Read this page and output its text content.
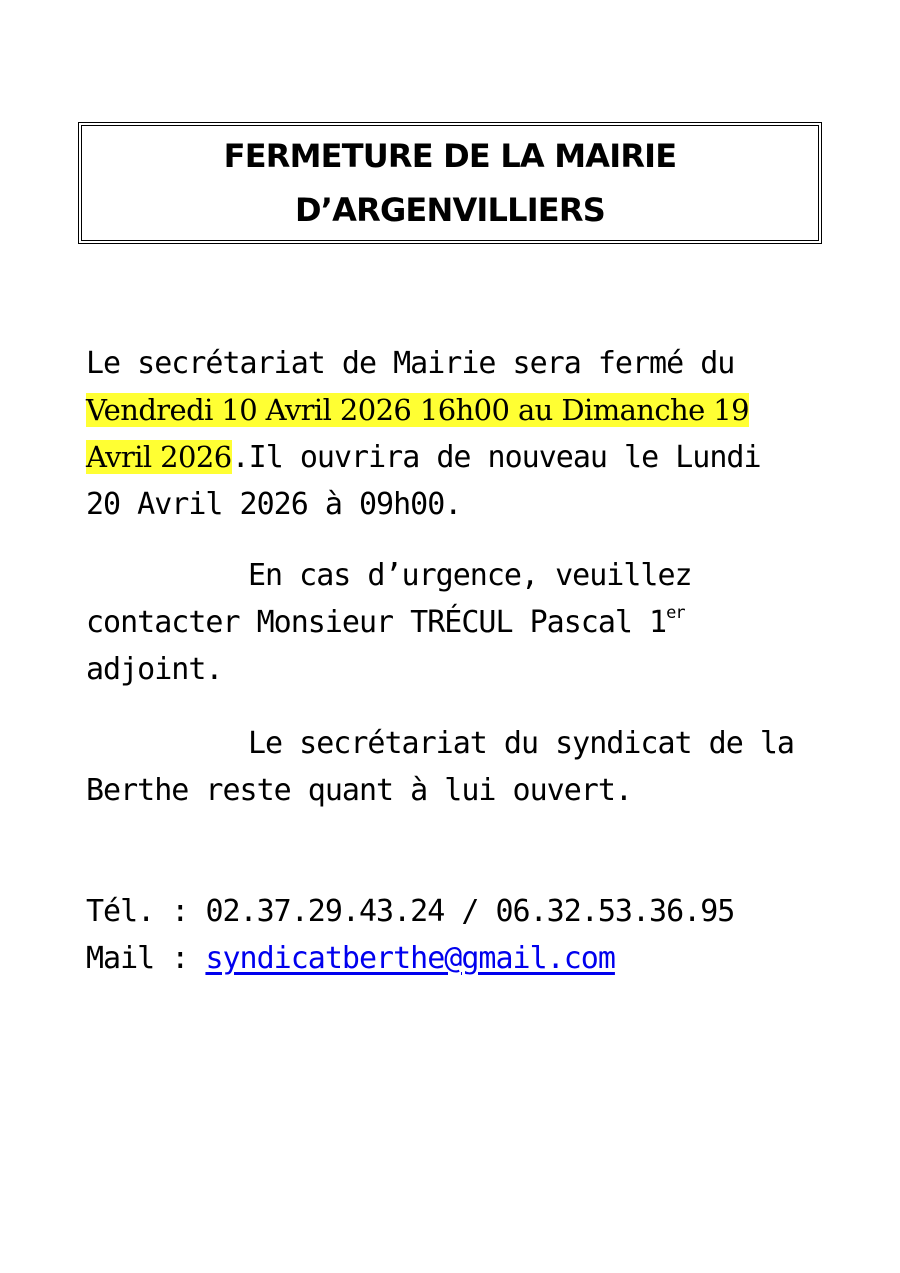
FERMETURE DE LA MAIRIE
D’ARGENVILLIERS

Le secrétariat de Mairie sera fermé du
Vendredi 10 Avril 2026 16h00 au Dimanche 19
Avril 2026.Il ouvrira de nouveau le Lundi
20 Avril 2026 à 09h00.

En cas d’urgence, veuillez
contacter Monsieur TRÉCUL Pascal 1er
adjoint.

Le secrétariat du syndicat de la
Berthe reste quant à lui ouvert.

Tél. : 02.37.29.43.24 / 06.32.53.36.95
Mail : syndicatberthe@gmail.com
